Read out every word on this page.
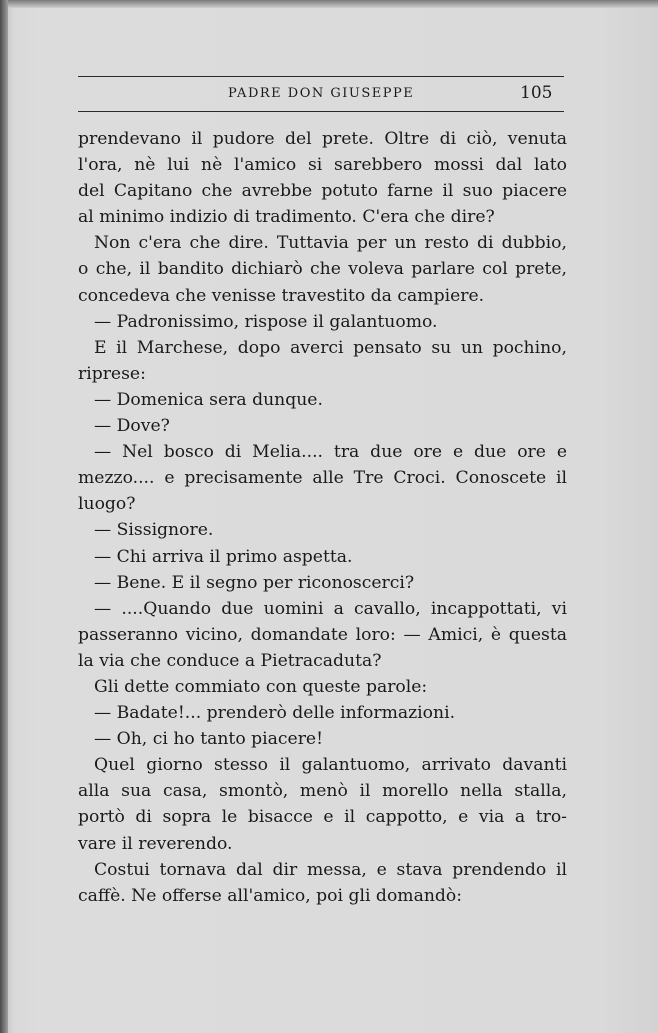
PADRE DON GIUSEPPE	105
prendevano il pudore del prete. Oltre di ciò, venuta
l'ora, nè lui nè l'amico si sarebbero mossi dal lato
del Capitano che avrebbe potuto farne il suo piacere
al minimo indizio di tradimento. C'era che dire?
Non c'era che dire. Tuttavia per un resto di dubbio,
o che, il bandito dichiarò che voleva parlare col prete,
concedeva che venisse travestito da campiere.
— Padronissimo, rispose il galantuomo.
E il Marchese, dopo averci pensato su un pochino,
riprese:
— Domenica sera dunque.
— Dove?
— Nel bosco di Melia.... tra due ore e due ore e
mezzo.... e precisamente alle Tre Croci. Conoscete il
luogo?
— Sissignore.
— Chi arriva il primo aspetta.
— Bene. E il segno per riconoscerci?
— ....Quando due uomini a cavallo, incappottati, vi
passeranno vicino, domandate loro: — Amici, è questa
la via che conduce a Pietracaduta?
Gli dette commiato con queste parole:
— Badate!... prenderò delle informazioni.
— Oh, ci ho tanto piacere!
Quel giorno stesso il galantuomo, arrivato davanti
alla sua casa, smontò, menò il morello nella stalla,
portò di sopra le bisacce e il cappotto, e via a tro-
vare il reverendo.
Costui tornava dal dir messa, e stava prendendo il
caffè. Ne offerse all'amico, poi gli domandò:
